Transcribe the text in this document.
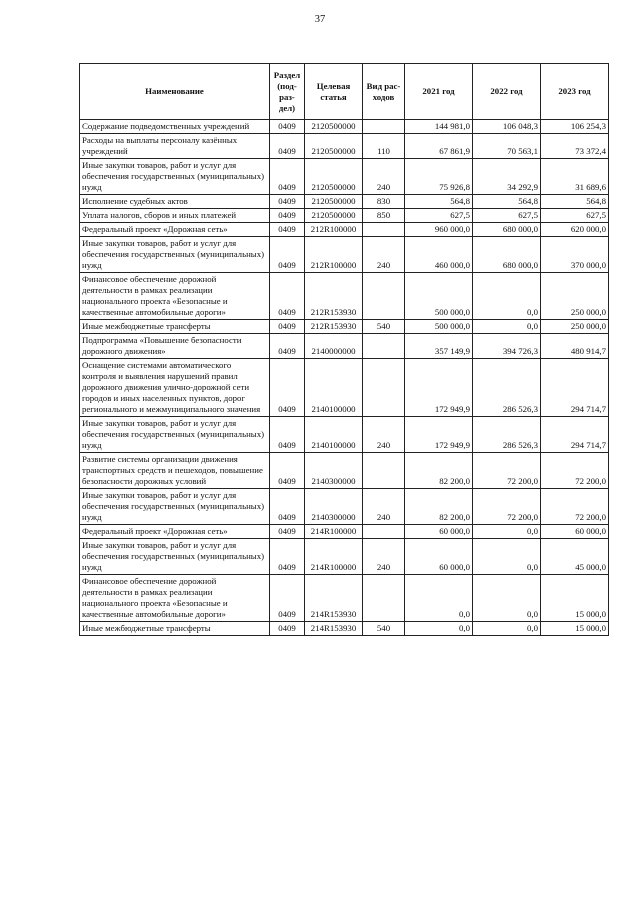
37
Наименование	Раздел (под- раз- дел)	Целевая статья	Вид рас- ходов	2021 год	2022 год	2023 год
Содержание подведомственных учреждений	0409	2120500000		144 981,0	106 048,3	106 254,3
Расходы на выплаты персоналу казённых учреждений	0409	2120500000	110	67 861,9	70 563,1	73 372,4
Иные закупки товаров, работ и услуг для обеспечения государственных (муниципальных) нужд	0409	2120500000	240	75 926,8	34 292,9	31 689,6
Исполнение судебных актов	0409	2120500000	830	564,8	564,8	564,8
Уплата налогов, сборов и иных платежей	0409	2120500000	850	627,5	627,5	627,5
Федеральный проект «Дорожная сеть»	0409	212R100000		960 000,0	680 000,0	620 000,0
Иные закупки товаров, работ и услуг для обеспечения государственных (муниципальных) нужд	0409	212R100000	240	460 000,0	680 000,0	370 000,0
Финансовое обеспечение дорожной деятельности в рамках реализации национального проекта «Безопасные и качественные автомобильные дороги»	0409	212R153930		500 000,0	0,0	250 000,0
Иные межбюджетные трансферты	0409	212R153930	540	500 000,0	0,0	250 000,0
Подпрограмма «Повышение безопасности дорожного движения»	0409	2140000000		357 149,9	394 726,3	480 914,7
Оснащение системами автоматического контроля и выявления нарушений правил дорожного движения улично-дорожной сети городов и иных населенных пунктов, дорог регионального и межмуниципального значения	0409	2140100000		172 949,9	286 526,3	294 714,7
Иные закупки товаров, работ и услуг для обеспечения государственных (муниципальных) нужд	0409	2140100000	240	172 949,9	286 526,3	294 714,7
Развитие системы организации движения транспортных средств и пешеходов, повышение безопасности дорожных условий	0409	2140300000		82 200,0	72 200,0	72 200,0
Иные закупки товаров, работ и услуг для обеспечения государственных (муниципальных) нужд	0409	2140300000	240	82 200,0	72 200,0	72 200,0
Федеральный проект «Дорожная сеть»	0409	214R100000		60 000,0	0,0	60 000,0
Иные закупки товаров, работ и услуг для обеспечения государственных (муниципальных) нужд	0409	214R100000	240	60 000,0	0,0	45 000,0
Финансовое обеспечение дорожной деятельности в рамках реализации национального проекта «Безопасные и качественные автомобильные дороги»	0409	214R153930		0,0	0,0	15 000,0
Иные межбюджетные трансферты	0409	214R153930	540	0,0	0,0	15 000,0
